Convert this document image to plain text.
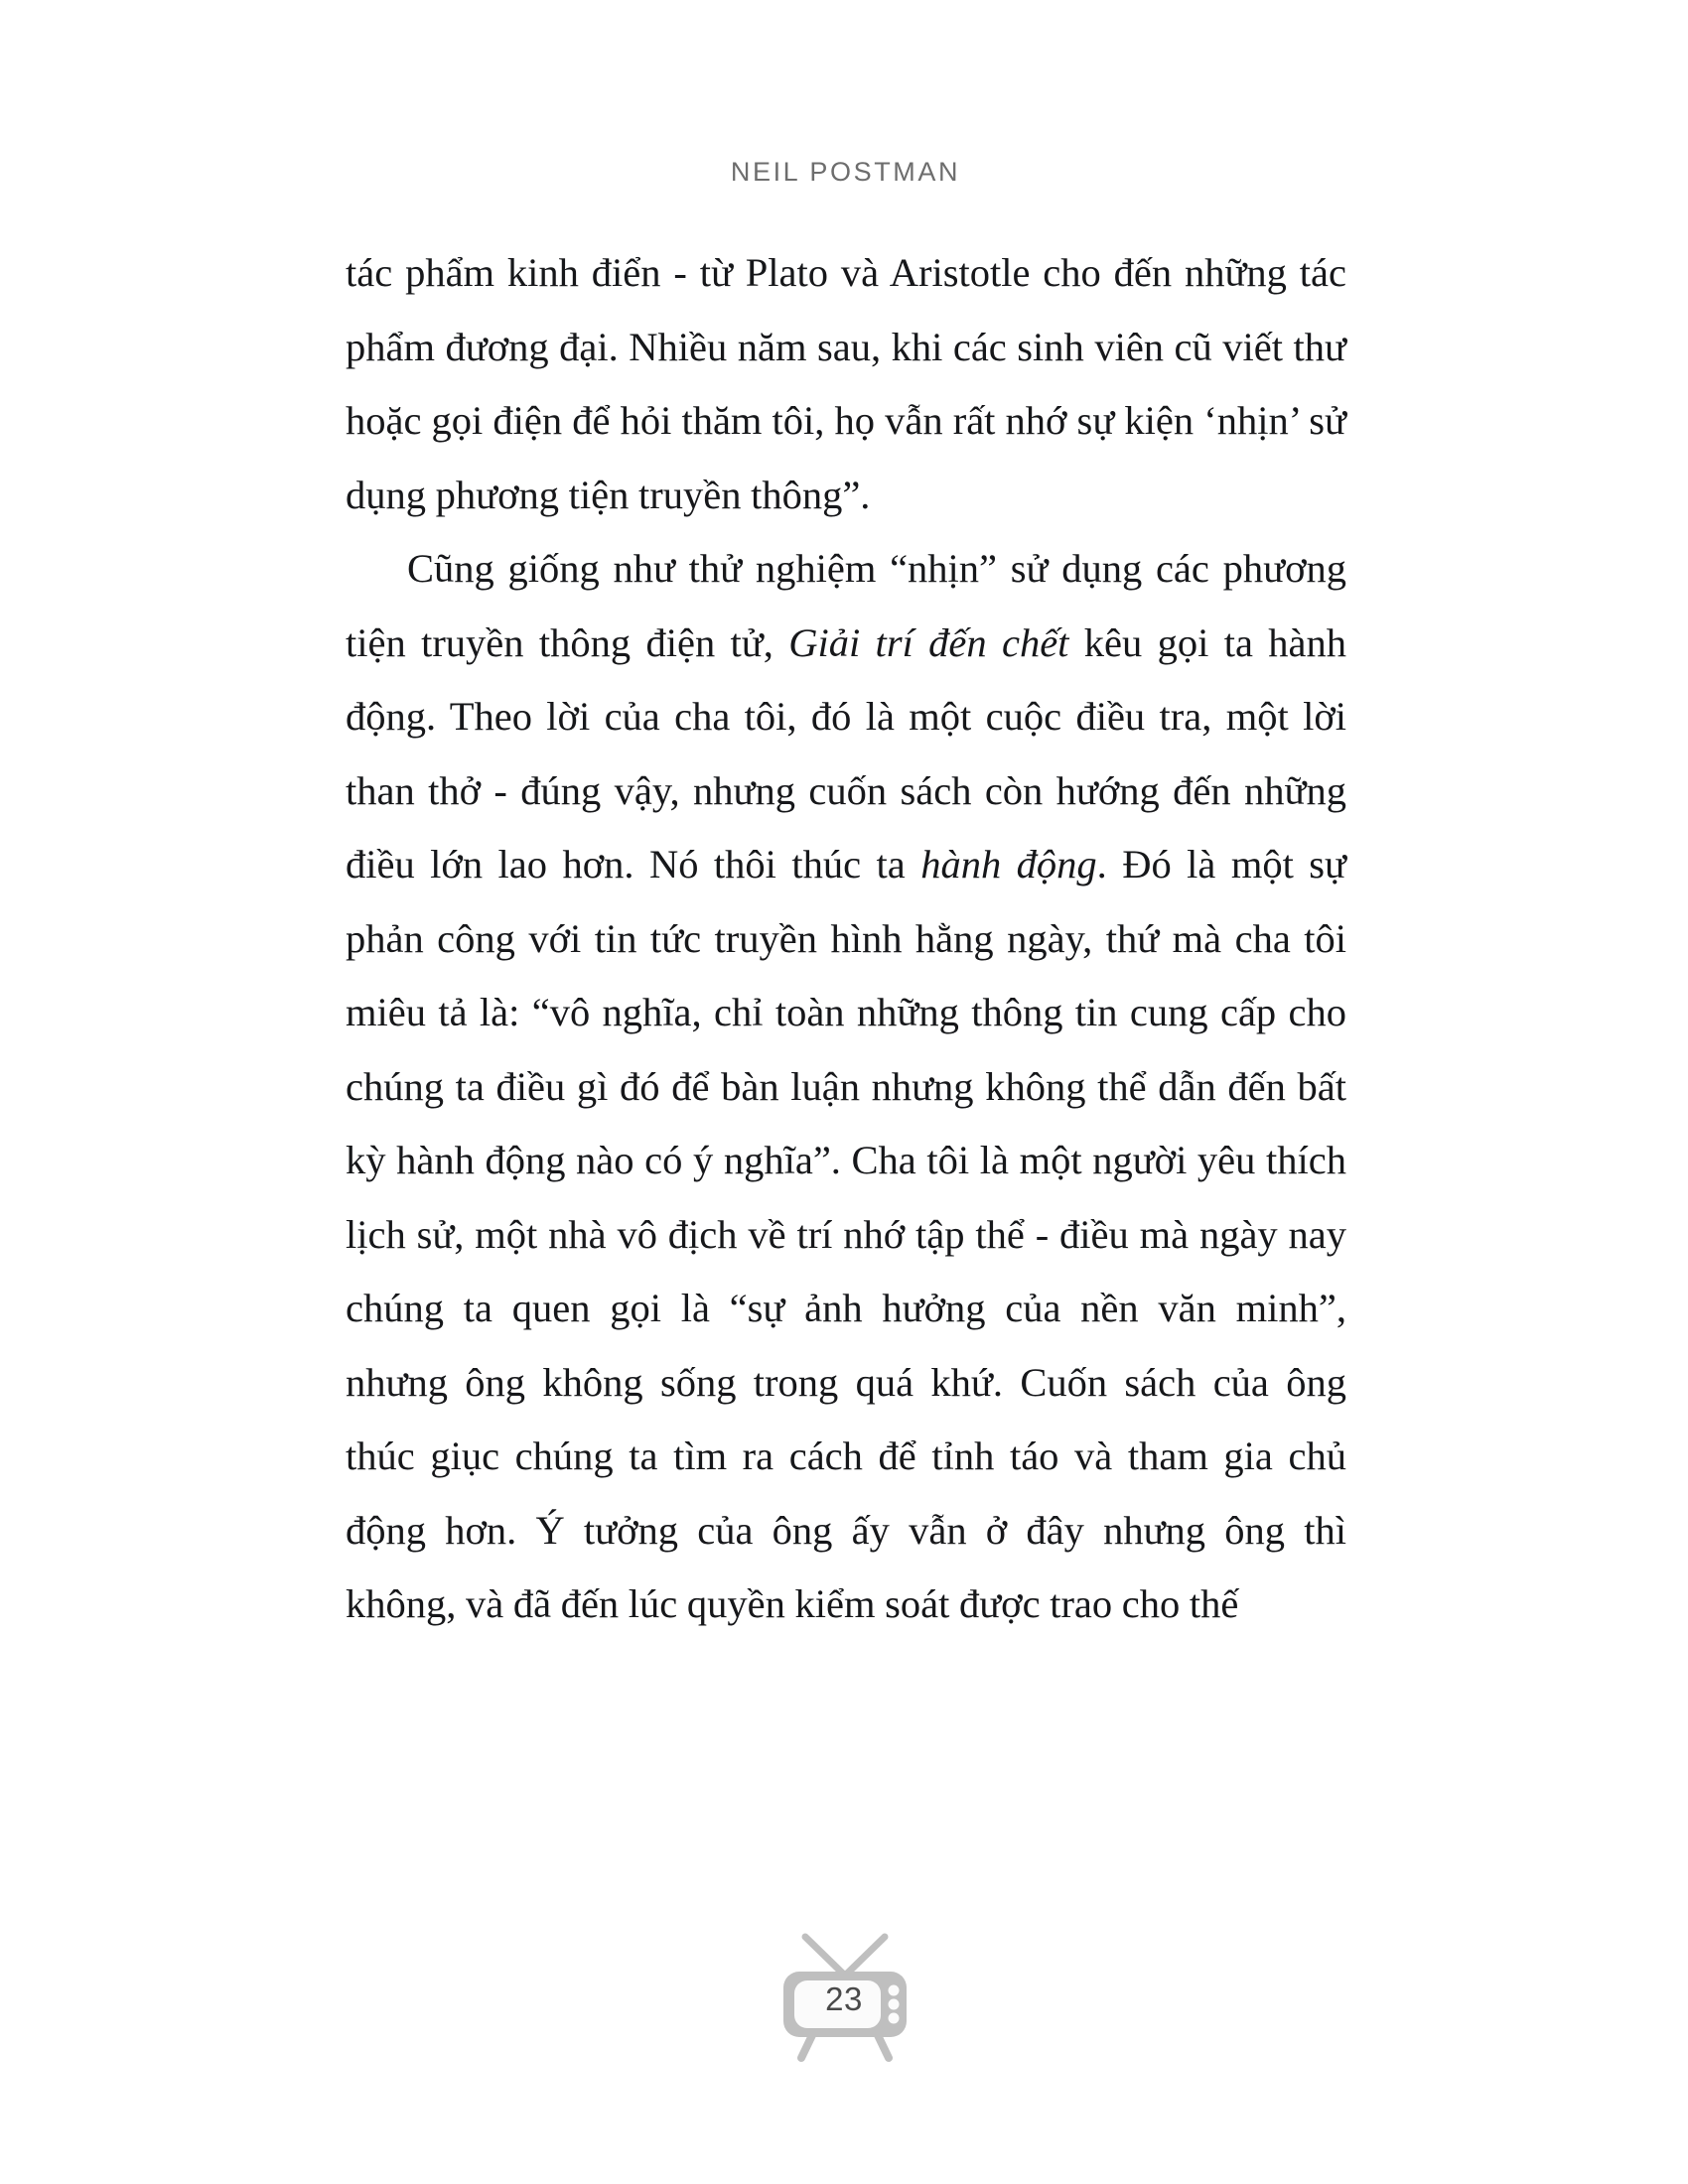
NEIL POSTMAN

tác phẩm kinh điển - từ Plato và Aristotle cho đến những tác phẩm đương đại. Nhiều năm sau, khi các sinh viên cũ viết thư hoặc gọi điện để hỏi thăm tôi, họ vẫn rất nhớ sự kiện ‘nhịn’ sử dụng phương tiện truyền thông”.

Cũng giống như thử nghiệm “nhịn” sử dụng các phương tiện truyền thông điện tử, Giải trí đến chết kêu gọi ta hành động. Theo lời của cha tôi, đó là một cuộc điều tra, một lời than thở - đúng vậy, nhưng cuốn sách còn hướng đến những điều lớn lao hơn. Nó thôi thúc ta hành động. Đó là một sự phản công với tin tức truyền hình hằng ngày, thứ mà cha tôi miêu tả là: “vô nghĩa, chỉ toàn những thông tin cung cấp cho chúng ta điều gì đó để bàn luận nhưng không thể dẫn đến bất kỳ hành động nào có ý nghĩa”. Cha tôi là một người yêu thích lịch sử, một nhà vô địch về trí nhớ tập thể - điều mà ngày nay chúng ta quen gọi là “sự ảnh hưởng của nền văn minh”, nhưng ông không sống trong quá khứ. Cuốn sách của ông thúc giục chúng ta tìm ra cách để tỉnh táo và tham gia chủ động hơn. Ý tưởng của ông ấy vẫn ở đây nhưng ông thì không, và đã đến lúc quyền kiểm soát được trao cho thế

23
